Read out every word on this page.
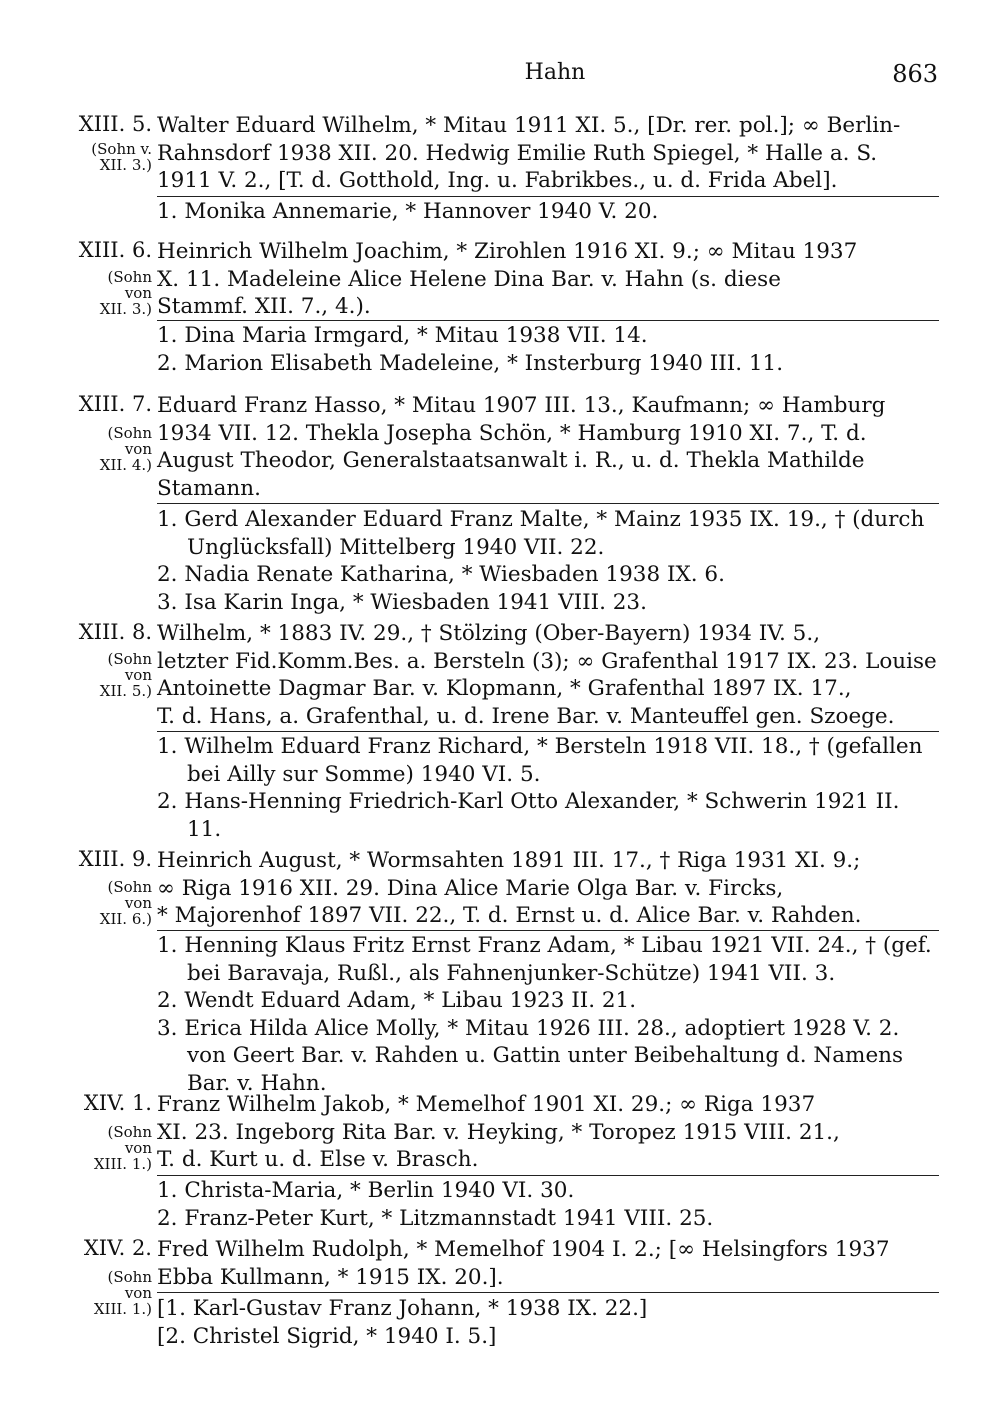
Hahn	863
XIII. 5.
(Sohn v.
XII. 3.)
Walter Eduard Wilhelm, * Mitau 1911 XI. 5., [Dr. rer. pol.]; ∞ Berlin-
Rahnsdorf 1938 XII. 20. Hedwig Emilie Ruth Spiegel, * Halle a. S.
1911 V. 2., [T. d. Gotthold, Ing. u. Fabrikbes., u. d. Frida Abel].
1. Monika Annemarie, * Hannover 1940 V. 20.
XIII. 6.
(Sohn
von
XII. 3.)
Heinrich Wilhelm Joachim, * Zirohlen 1916 XI. 9.; ∞ Mitau 1937
X. 11. Madeleine Alice Helene Dina Bar. v. Hahn (s. diese
Stammf. XII. 7., 4.).
1. Dina Maria Irmgard, * Mitau 1938 VII. 14.
2. Marion Elisabeth Madeleine, * Insterburg 1940 III. 11.
XIII. 7.
(Sohn
von
XII. 4.)
Eduard Franz Hasso, * Mitau 1907 III. 13., Kaufmann; ∞ Hamburg
1934 VII. 12. Thekla Josepha Schön, * Hamburg 1910 XI. 7., T. d.
August Theodor, Generalstaatsanwalt i. R., u. d. Thekla Mathilde
Stamann.
1. Gerd Alexander Eduard Franz Malte, * Mainz 1935 IX. 19., † (durch Unglücksfall) Mittelberg 1940 VII. 22.
2. Nadia Renate Katharina, * Wiesbaden 1938 IX. 6.
3. Isa Karin Inga, * Wiesbaden 1941 VIII. 23.
XIII. 8.
(Sohn
von
XII. 5.)
Wilhelm, * 1883 IV. 29., † Stölzing (Ober-Bayern) 1934 IV. 5.,
letzter Fid.Komm.Bes. a. Bersteln (3); ∞ Grafenthal 1917 IX. 23. Louise
Antoinette Dagmar Bar. v. Klopmann, * Grafenthal 1897 IX. 17.,
T. d. Hans, a. Grafenthal, u. d. Irene Bar. v. Manteuffel gen. Szoege.
1. Wilhelm Eduard Franz Richard, * Bersteln 1918 VII. 18., † (gefallen bei Ailly sur Somme) 1940 VI. 5.
2. Hans-Henning Friedrich-Karl Otto Alexander, * Schwerin 1921 II. 11.
XIII. 9.
(Sohn
von
XII. 6.)
Heinrich August, * Wormsahten 1891 III. 17., † Riga 1931 XI. 9.;
∞ Riga 1916 XII. 29. Dina Alice Marie Olga Bar. v. Fircks,
* Majorenhof 1897 VII. 22., T. d. Ernst u. d. Alice Bar. v. Rahden.
1. Henning Klaus Fritz Ernst Franz Adam, * Libau 1921 VII. 24., † (gef. bei Baravaja, Rußl., als Fahnenjunker-Schütze) 1941 VII. 3.
2. Wendt Eduard Adam, * Libau 1923 II. 21.
3. Erica Hilda Alice Molly, * Mitau 1926 III. 28., adoptiert 1928 V. 2. von Geert Bar. v. Rahden u. Gattin unter Beibehaltung d. Namens Bar. v. Hahn.
XIV. 1.
(Sohn
von
XIII. 1.)
Franz Wilhelm Jakob, * Memelhof 1901 XI. 29.; ∞ Riga 1937
XI. 23. Ingeborg Rita Bar. v. Heyking, * Toropez 1915 VIII. 21.,
T. d. Kurt u. d. Else v. Brasch.
1. Christa-Maria, * Berlin 1940 VI. 30.
2. Franz-Peter Kurt, * Litzmannstadt 1941 VIII. 25.
XIV. 2.
(Sohn
von
XIII. 1.)
Fred Wilhelm Rudolph, * Memelhof 1904 I. 2.; [∞ Helsingfors 1937
Ebba Kullmann, * 1915 IX. 20.].
[1. Karl-Gustav Franz Johann, * 1938 IX. 22.]
[2. Christel Sigrid, * 1940 I. 5.]
